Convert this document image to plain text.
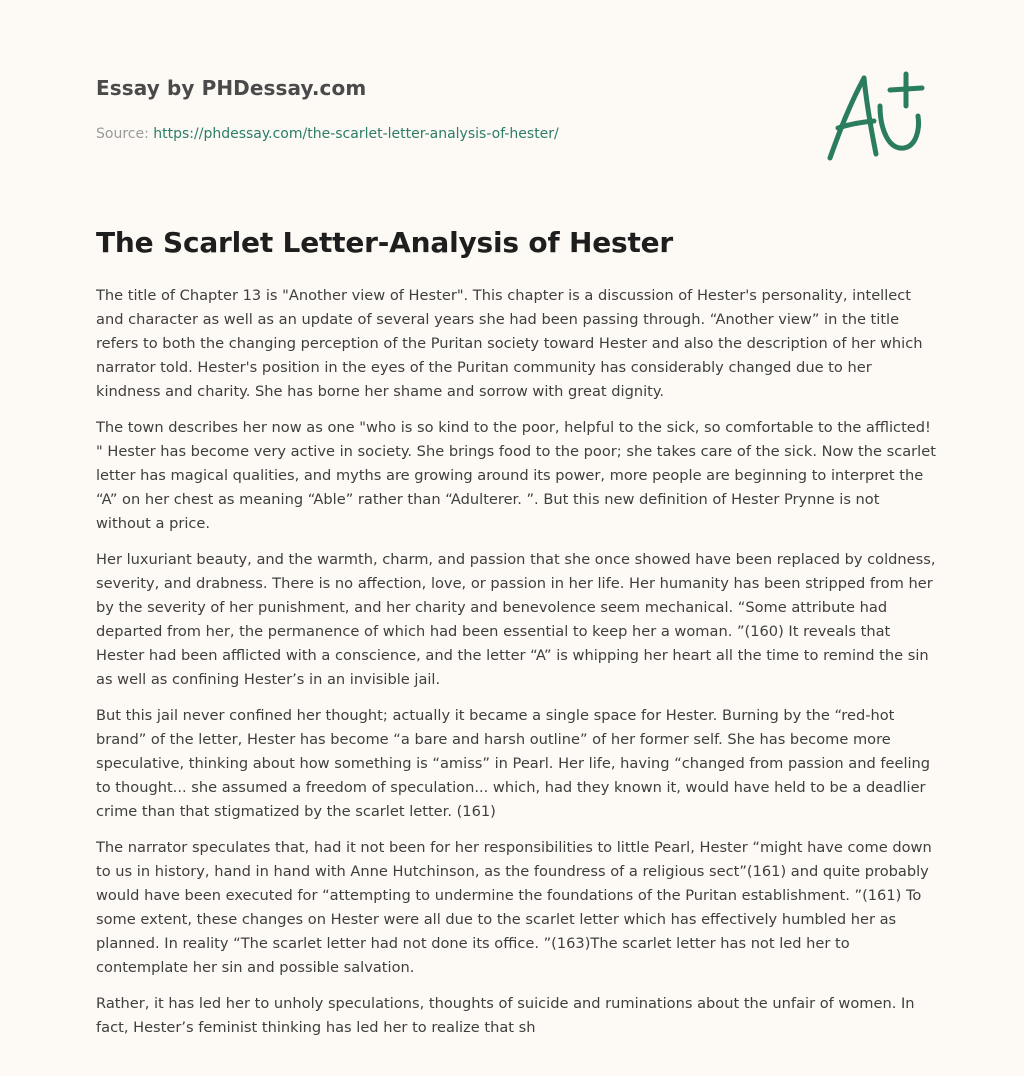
Essay by PHDessay.com
Source: https://phdessay.com/the-scarlet-letter-analysis-of-hester/
The Scarlet Letter-Analysis of Hester

The title of Chapter 13 is "Another view of Hester". This chapter is a discussion of Hester's personality, intellect and character as well as an update of several years she had been passing through. “Another view” in the title refers to both the changing perception of the Puritan society toward Hester and also the description of her which narrator told. Hester's position in the eyes of the Puritan community has considerably changed due to her kindness and charity. She has borne her shame and sorrow with great dignity.

The town describes her now as one "who is so kind to the poor, helpful to the sick, so comfortable to the afflicted! " Hester has become very active in society. She brings food to the poor; she takes care of the sick. Now the scarlet letter has magical qualities, and myths are growing around its power, more people are beginning to interpret the “A” on her chest as meaning “Able” rather than “Adulterer. ”. But this new definition of Hester Prynne is not without a price.

Her luxuriant beauty, and the warmth, charm, and passion that she once showed have been replaced by coldness, severity, and drabness. There is no affection, love, or passion in her life. Her humanity has been stripped from her by the severity of her punishment, and her charity and benevolence seem mechanical. “Some attribute had departed from her, the permanence of which had been essential to keep her a woman. ”(160) It reveals that Hester had been afflicted with a conscience, and the letter “A” is whipping her heart all the time to remind the sin as well as confining Hester’s in an invisible jail.

But this jail never confined her thought; actually it became a single space for Hester. Burning by the “red-hot brand” of the letter, Hester has become “a bare and harsh outline” of her former self. She has become more speculative, thinking about how something is “amiss” in Pearl. Her life, having “changed from passion and feeling to thought... she assumed a freedom of speculation... which, had they known it, would have held to be a deadlier crime than that stigmatized by the scarlet letter. (161)

The narrator speculates that, had it not been for her responsibilities to little Pearl, Hester “might have come down to us in history, hand in hand with Anne Hutchinson, as the foundress of a religious sect”(161) and quite probably would have been executed for “attempting to undermine the foundations of the Puritan establishment. ”(161) To some extent, these changes on Hester were all due to the scarlet letter which has effectively humbled her as planned. In reality “The scarlet letter had not done its office. ”(163)The scarlet letter has not led her to contemplate her sin and possible salvation.

Rather, it has led her to unholy speculations, thoughts of suicide and ruminations about the unfair of women. In fact, Hester’s feminist thinking has led her to realize that sh
